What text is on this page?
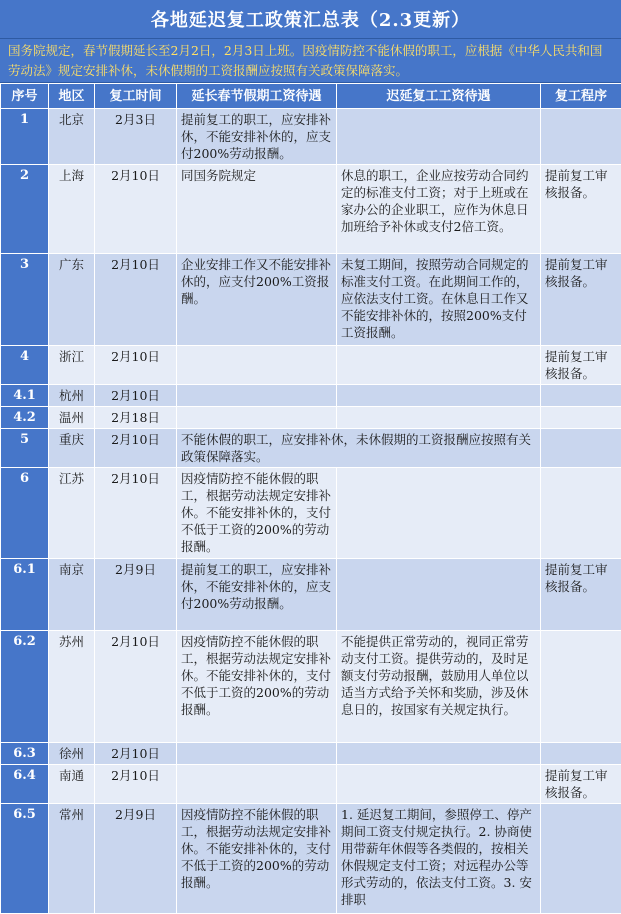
各地延迟复工政策汇总表（2.3更新）
国务院规定，春节假期延长至2月2日，2月3日上班。因疫情防控不能休假的职工，应根据《中华人民共和国劳动法》规定安排补休，未休假期的工资报酬应按照有关政策保障落实。
序号	地区	复工时间	延长春节假期工资待遇	迟延复工工资待遇	复工程序
1	北京	2月3日	提前复工的职工，应安排补休，不能安排补休的，应支付200%劳动报酬。		
2	上海	2月10日	同国务院规定	休息的职工，企业应按劳动合同约定的标准支付工资；对于上班或在家办公的企业职工，应作为休息日加班给予补休或支付2倍工资。	提前复工审核报备。
3	广东	2月10日	企业安排工作又不能安排补休的，应支付200%工资报酬。	未复工期间，按照劳动合同规定的标准支付工资。在此期间工作的，应依法支付工资。在休息日工作又不能安排补休的，按照200%支付工资报酬。	提前复工审核报备。
4	浙江	2月10日			提前复工审核报备。
4.1	杭州	2月10日			
4.2	温州	2月18日			
5	重庆	2月10日	不能休假的职工，应安排补休，未休假期的工资报酬应按照有关政策保障落实。		
6	江苏	2月10日	因疫情防控不能休假的职工，根据劳动法规定安排补休。不能安排补休的，支付不低于工资的200%的劳动报酬。		
6.1	南京	2月9日	提前复工的职工，应安排补休，不能安排补休的，应支付200%劳动报酬。		提前复工审核报备。
6.2	苏州	2月10日	因疫情防控不能休假的职工，根据劳动法规定安排补休。不能安排补休的，支付不低于工资的200%的劳动报酬。	不能提供正常劳动的，视同正常劳动支付工资。提供劳动的，及时足额支付劳动报酬，鼓励用人单位以适当方式给予关怀和奖励，涉及休息日的，按国家有关规定执行。	
6.3	徐州	2月10日			
6.4	南通	2月10日			提前复工审核报备。
6.5	常州	2月9日	因疫情防控不能休假的职工，根据劳动法规定安排补休。不能安排补休的，支付不低于工资的200%的劳动报酬。	1. 延迟复工期间，参照停工、停产期间工资支付规定执行。2. 协商使用带薪年休假等各类假的，按相关休假规定支付工资；对远程办公等形式劳动的，依法支付工资。3. 安排职	
